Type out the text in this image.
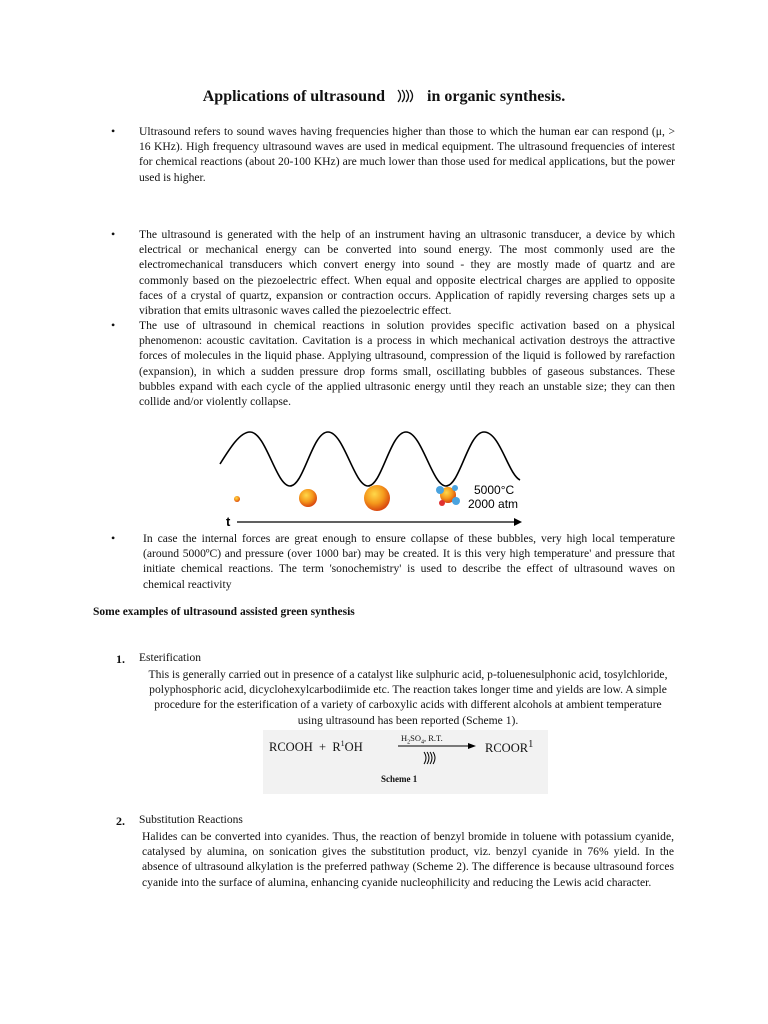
Applications of ultrasound	in organic synthesis.
• Ultrasound refers to sound waves having frequencies higher than those to which the human ear can respond (μ, > 16 KHz). High frequency ultrasound waves are used in medical equipment. The ultrasound frequencies of interest for chemical reactions (about 20-100 KHz) are much lower than those used for medical applications, but the power used is higher.
• The ultrasound is generated with the help of an instrument having an ultrasonic transducer, a device by which electrical or mechanical energy can be converted into sound energy. The most commonly used are the electromechanical transducers which convert energy into sound - they are mostly made of quartz and are commonly based on the piezoelectric effect. When equal and opposite electrical charges are applied to opposite faces of a crystal of quartz, expansion or contraction occurs. Application of rapidly reversing charges sets up a vibration that emits ultrasonic waves called the piezoelectric effect.
• The use of ultrasound in chemical reactions in solution provides specific activation based on a physical phenomenon: acoustic cavitation. Cavitation is a process in which mechanical activation destroys the attractive forces of molecules in the liquid phase. Applying ultrasound, compression of the liquid is followed by rarefaction (expansion), in which a sudden pressure drop forms small, oscillating bubbles of gaseous substances. These bubbles expand with each cycle of the applied ultrasonic energy until they reach an unstable size; they can then collide and/or violently collapse.
5000°C
2000 atm
t
• In case the internal forces are great enough to ensure collapse of these bubbles, very high local temperature (around 5000ºC) and pressure (over 1000 bar) may be created. It is this very high temperature' and pressure that initiate chemical reactions. The term 'sonochemistry' is used to describe the effect of ultrasound waves on chemical reactivity
Some examples of ultrasound assisted green synthesis
1. Esterification
This is generally carried out in presence of a catalyst like sulphuric acid, p-toluenesulphonic acid, tosylchloride, polyphosphoric acid, dicyclohexylcarbodiimide etc. The reaction takes longer time and yields are low. A simple procedure for the esterification of a variety of carboxylic acids with different alcohols at ambient temperature using ultrasound has been reported (Scheme 1).
RCOOH + $R^1OH$
$H_2SO_4$, R.T.
RCOOR$^1$
Scheme 1
2. Substitution Reactions
Halides can be converted into cyanides. Thus, the reaction of benzyl bromide in toluene with potassium cyanide, catalysed by alumina, on sonication gives the substitution product, viz. benzyl cyanide in 76% yield. In the absence of ultrasound alkylation is the preferred pathway (Scheme 2). The difference is because ultrasound forces cyanide into the surface of alumina, enhancing cyanide nucleophilicity and reducing the Lewis acid character.
